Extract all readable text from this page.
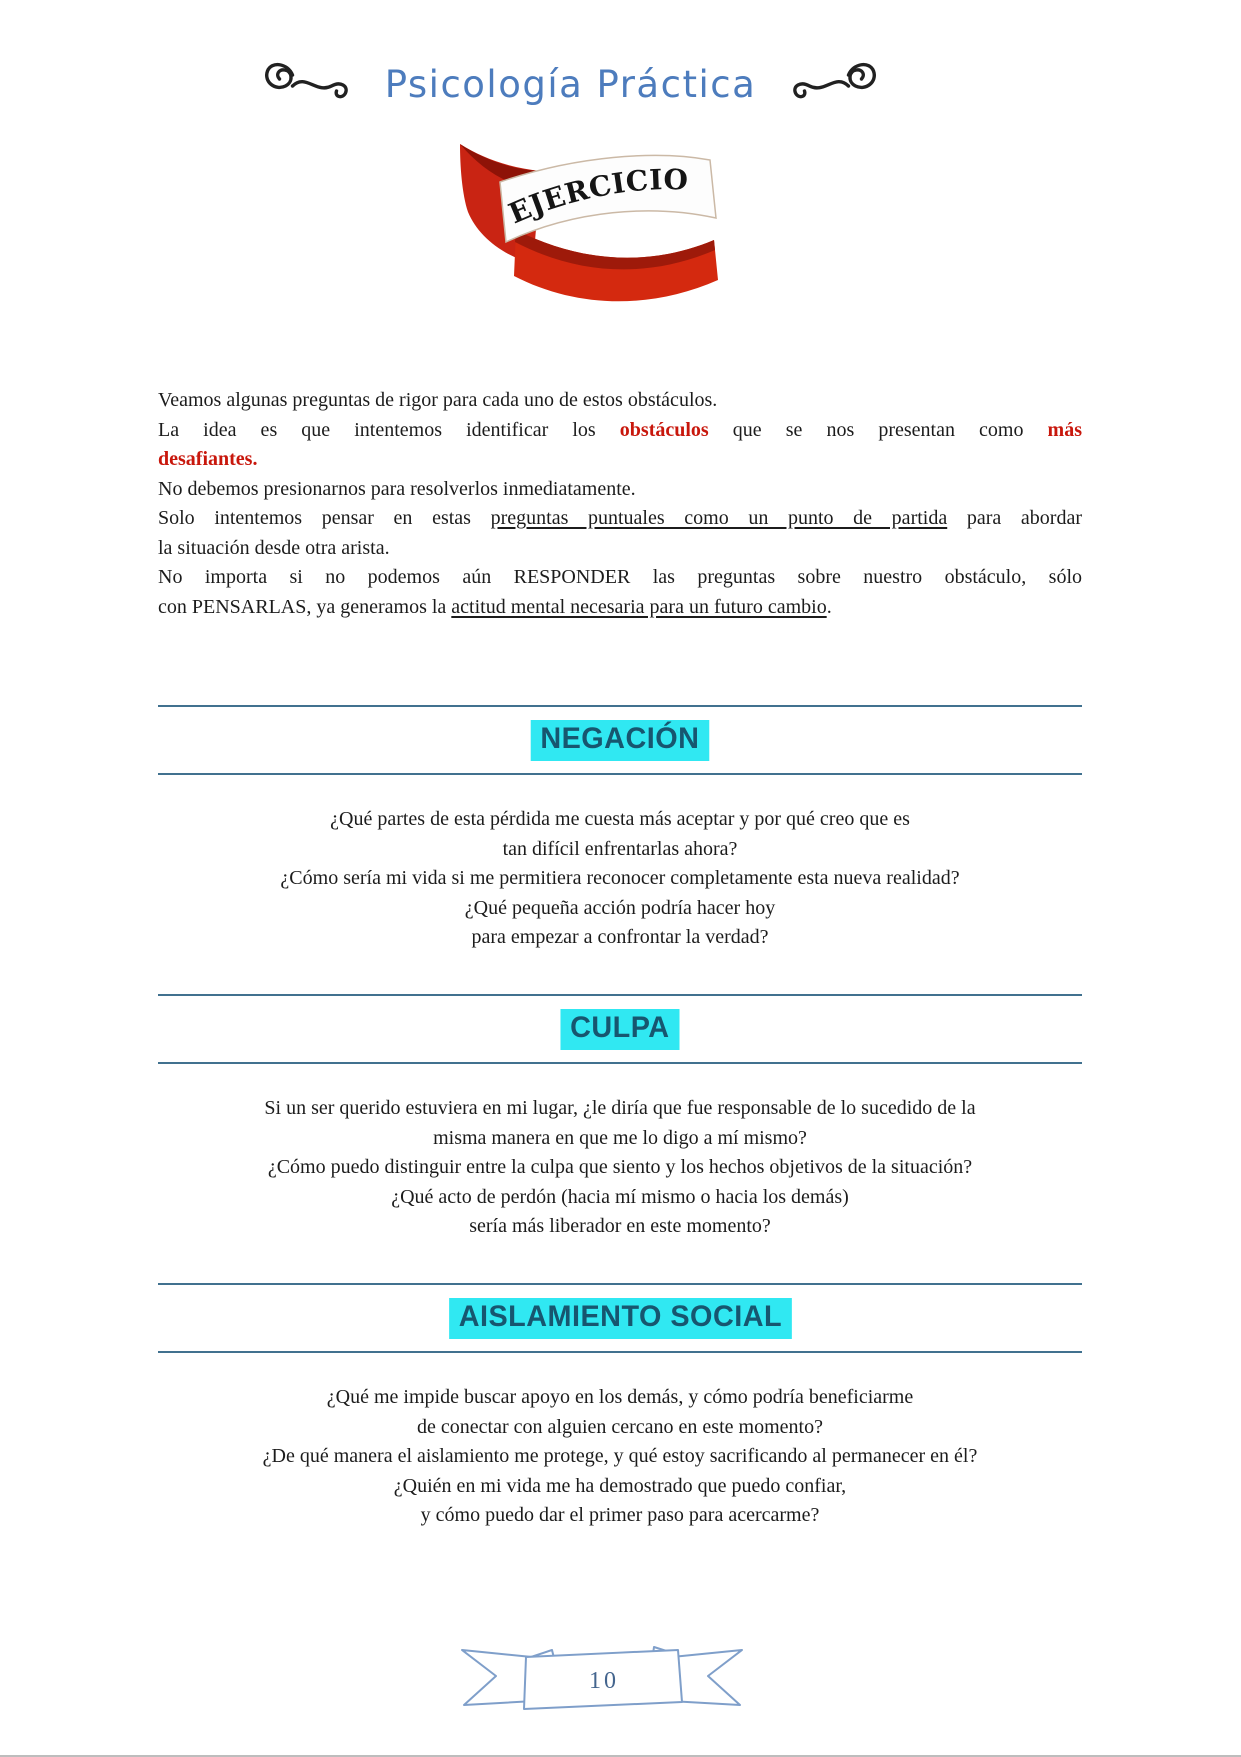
Psicología Práctica
EJERCICIO
Veamos algunas preguntas de rigor para cada uno de estos obstáculos.
La idea es que intentemos identificar los obstáculos que se nos presentan como más
desafiantes.
No debemos presionarnos para resolverlos inmediatamente.
Solo intentemos pensar en estas preguntas puntuales como un punto de partida para abordar
la situación desde otra arista.
No importa si no podemos aún RESPONDER las preguntas sobre nuestro obstáculo, sólo
con PENSARLAS, ya generamos la actitud mental necesaria para un futuro cambio.
NEGACIÓN
¿Qué partes de esta pérdida me cuesta más aceptar y por qué creo que es
tan difícil enfrentarlas ahora?
¿Cómo sería mi vida si me permitiera reconocer completamente esta nueva realidad?
¿Qué pequeña acción podría hacer hoy
para empezar a confrontar la verdad?
CULPA
Si un ser querido estuviera en mi lugar, ¿le diría que fue responsable de lo sucedido de la
misma manera en que me lo digo a mí mismo?
¿Cómo puedo distinguir entre la culpa que siento y los hechos objetivos de la situación?
¿Qué acto de perdón (hacia mí mismo o hacia los demás)
sería más liberador en este momento?
AISLAMIENTO SOCIAL
¿Qué me impide buscar apoyo en los demás, y cómo podría beneficiarme
de conectar con alguien cercano en este momento?
¿De qué manera el aislamiento me protege, y qué estoy sacrificando al permanecer en él?
¿Quién en mi vida me ha demostrado que puedo confiar,
y cómo puedo dar el primer paso para acercarme?
10
